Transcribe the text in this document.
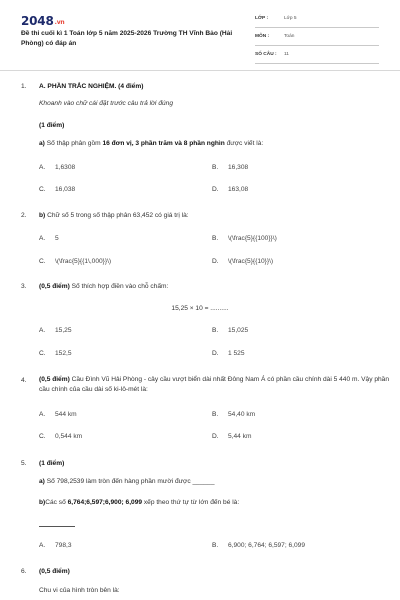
2048.vn
Đề thi cuối kì 1 Toán lớp 5 năm 2025-2026 Trường TH Vĩnh Bảo (Hải Phòng) có đáp án
LỚP :	Lớp 5
MÔN :	Toán
SỐ CÂU : 11
1. A. PHẦN TRẮC NGHIỆM. (4 điểm)
Khoanh vào chữ cái đặt trước câu trả lời đúng
(1 điểm)
a) Số thập phân gồm 16 đơn vị, 3 phần trăm và 8 phần nghìn được viết là:
A. 1,6308	B. 16,308
C. 16,038	D. 163,08
2. b) Chữ số 5 trong số thập phân 63,452 có giá trị là:
A. 5	B. \(\frac{5}{{100}}\)
C. \(\frac{5}{{1\,000}}\)	D. \(\frac{5}{{10}}\)
3. (0,5 điểm) Số thích hợp điền vào chỗ chấm:
15,25 × 10 = ..........
A. 15,25	B. 15,025
C. 152,5	D. 1 525
4. (0,5 điểm) Cầu Đình Vũ Hải Phòng - cây cầu vượt biển dài nhất Đông Nam Á có phần cầu chính dài 5 440 m. Vậy phần cầu chính của cầu dài số ki-lô-mét là:
A. 544 km	B. 54,40 km
C. 0,544 km	D. 5,44 km
5. (1 điểm)
a) Số 798,2539 làm tròn đến hàng phần mười được ______
b)Các số 6,764;6,597;6,900; 6,099 xếp theo thứ tự từ lớn đến bé là:
A. 798,3	B. 6,900; 6,764; 6,597; 6,099
6. (0,5 điểm)
Chu vi của hình tròn bên là:
